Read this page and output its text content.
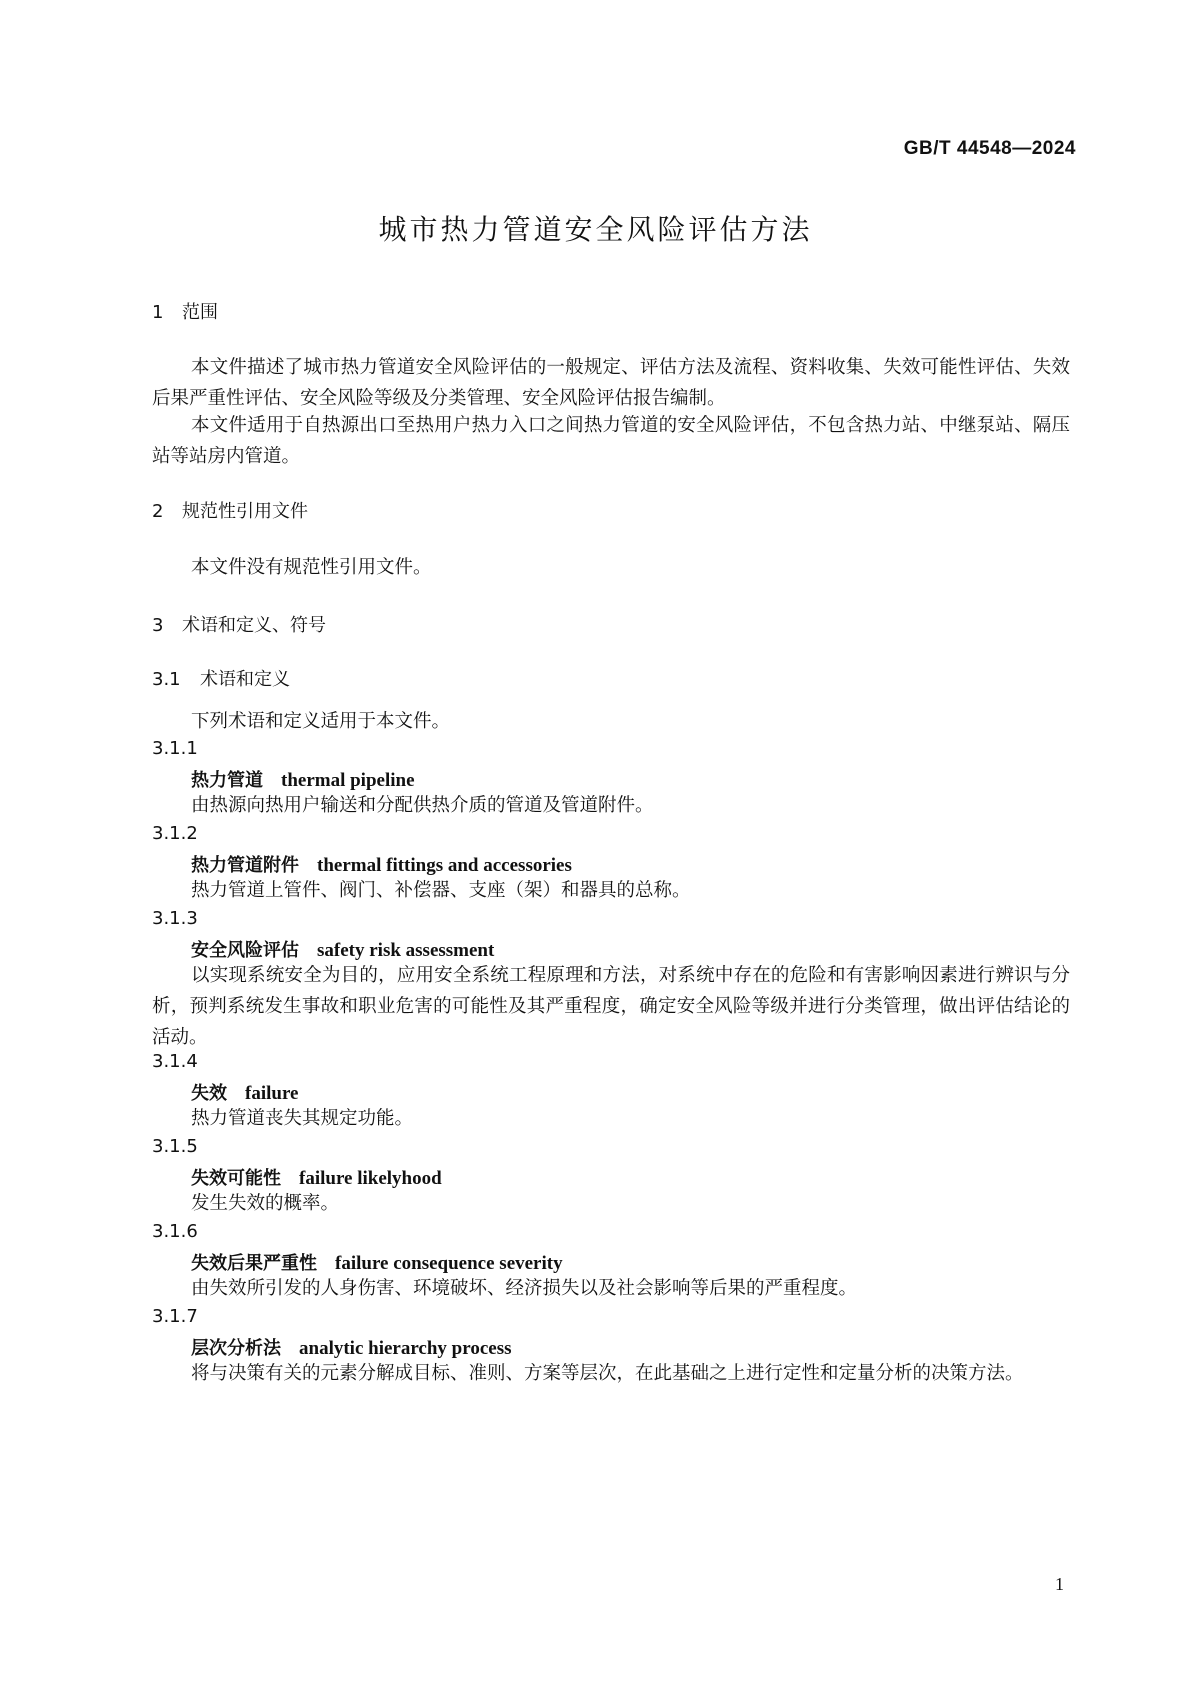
GB/T 44548—2024
城市热力管道安全风险评估方法
1 范围

本文件描述了城市热力管道安全风险评估的一般规定、评估方法及流程、资料收集、失效可能性评估、失效后果严重性评估、安全风险等级及分类管理、安全风险评估报告编制。

本文件适用于自热源出口至热用户热力入口之间热力管道的安全风险评估，不包含热力站、中继泵站、隔压站等站房内管道。

2 规范性引用文件

本文件没有规范性引用文件。

3 术语和定义、符号
3.1 术语和定义

下列术语和定义适用于本文件。

3.1.1
热力管道 thermal pipeline

由热源向热用户输送和分配供热介质的管道及管道附件。

3.1.2
热力管道附件 thermal fittings and accessories

热力管道上管件、阀门、补偿器、支座（架）和器具的总称。

3.1.3
安全风险评估 safety risk assessment

以实现系统安全为目的，应用安全系统工程原理和方法，对系统中存在的危险和有害影响因素进行辨识与分析，预判系统发生事故和职业危害的可能性及其严重程度，确定安全风险等级并进行分类管理，做出评估结论的活动。

3.1.4
失效 failure

热力管道丧失其规定功能。

3.1.5
失效可能性 failure likelyhood

发生失效的概率。

3.1.6
失效后果严重性 failure consequence severity

由失效所引发的人身伤害、环境破坏、经济损失以及社会影响等后果的严重程度。

3.1.7
层次分析法 analytic hierarchy process

将与决策有关的元素分解成目标、准则、方案等层次，在此基础之上进行定性和定量分析的决策方法。

1
